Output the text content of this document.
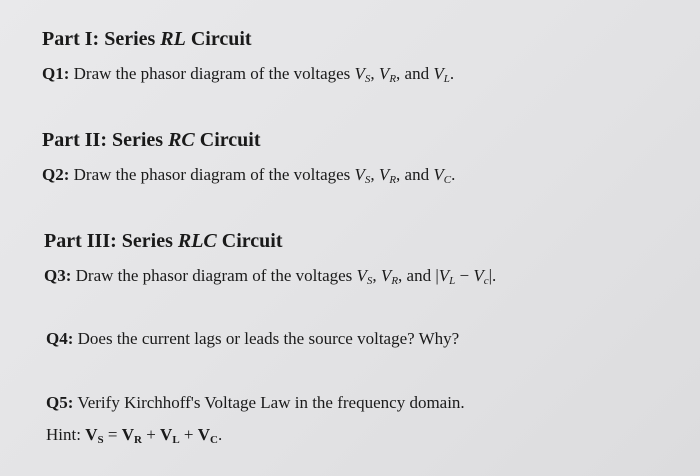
Part I: Series RL Circuit
Q1: Draw the phasor diagram of the voltages $V_S$, $V_R$, and $V_L$.
Part II: Series RC Circuit
Q2: Draw the phasor diagram of the voltages $V_S$, $V_R$, and $V_C$.
Part III: Series RLC Circuit
Q3: Draw the phasor diagram of the voltages $V_S$, $V_R$, and $|V_L - V_c|$.
Q4: Does the current lags or leads the source voltage? Why?
Q5: Verify Kirchhoff's Voltage Law in the frequency domain.
Hint: $V_S = V_R + V_L + V_C$.
